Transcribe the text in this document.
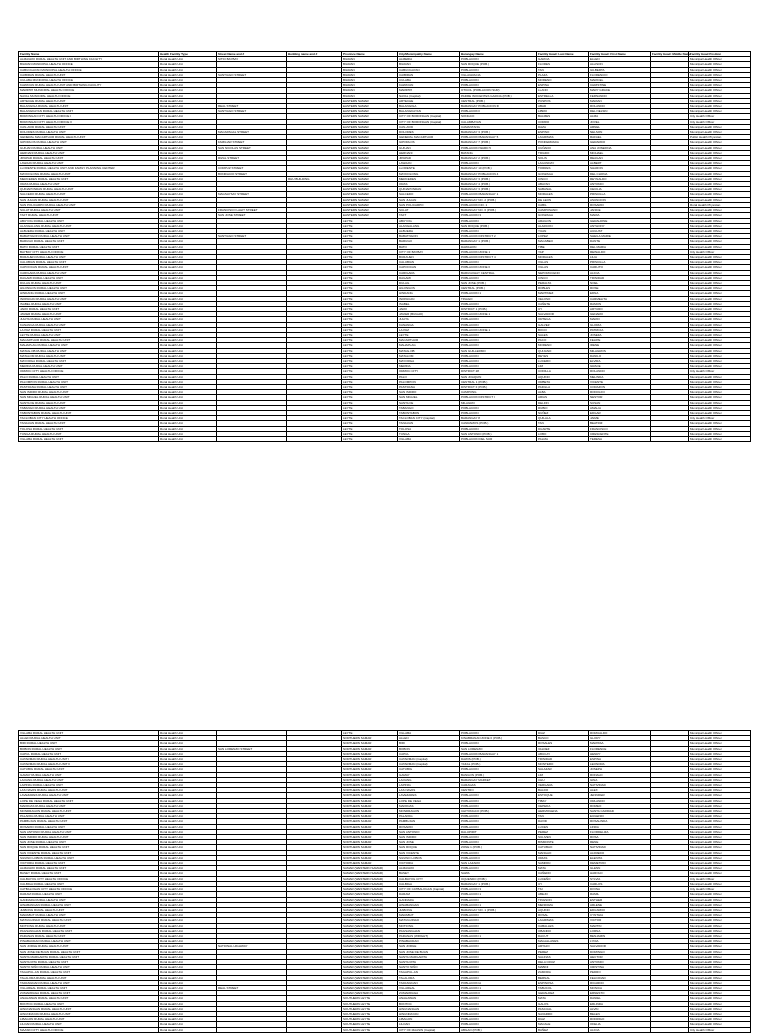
Facility Name	Health Facility Type	Street Name and #	Building name and #	Province Name	City/Municipality Name	Barangay Name	Facility Head: Last Name	Facility Head: First Name	Facility Head: Middle Name	Facility Head Position
ALMAGRO RURAL HEALTH UNIT AND BIRTHING FACILITY	Rural Health Unit	SITIO BAYBAY		BILIRAN	ALMERIA	POBLACION	GARCIA	ELLEN		Municipal Health Officer
BILIRAN MUNICIPAL HEALTH OFFICE	Rural Health Unit			BILIRAN	BILIRAN	SAN ROQUE (POB.)	FLORES	ALLISON		Municipal Health Officer
CABUCGAYAN MUNICIPAL HEALTH OFFICE	Rural Health Unit			BILIRAN	CABUCGAYAN	POBLACION	TAN	GILBERTA		Municipal Health Officer
CAIBIRAN RURAL HEALTH UNIT	Rural Health Unit	SANTIAGO STREET		BILIRAN	CAIBIRAN	VILLAGRACIA	PLAZA	FLORENCIO		Municipal Health Officer
CULABA MUNICIPAL HEALTH OFFICE	Rural Health Unit			BILIRAN	CULABA	POBLACION	MORENO	MARICEL		Municipal Health Officer
KAWAYAN RURAL HEALTH UNIT AND BIRTHING FACILITY	Rural Health Unit			BILIRAN	KAWAYAN	POBLACION	ESPINA	CHRISTINE		Municipal Health Officer
MARIPIPI MUNICIPAL HEALTH OFFICE	Rural Health Unit			BILIRAN	MARIPIPI	OTICOL (POBLACION SUR)	LLANO	MARY GRACE		Municipal Health Officer
NAVAL MUNICIPAL HEALTH OFFICE	Rural Health Unit			BILIRAN	NAVAL (Capital)	PADRE INOCENTES GARCIA (POB.)	ESTRELLA	FERNANDO		Municipal Health Officer
ARTECHE RURAL HEALTH UNIT	Rural Health Unit			EASTERN SAMAR	ARTECHE	CENTRAL (POB.)	PUSPOS	MARIAN		Municipal Health Officer
BALANGIGA RURAL HEALTH UNIT	Rural Health Unit	REAL STREET		EASTERN SAMAR	BALANGIGA	BARANGAY POBLACION III	ABAD	ROLANDO		Municipal Health Officer
BALANGKAYAN RURAL HEALTH UNIT	Rural Health Unit	SANTIAGO STREET		EASTERN SAMAR	BALANGKAYAN	POBLACION I	LIBRO	DEL NELSIN		Municipal Health Officer
BORONGAN CITY HEALTH OFFICE I	Rural Health Unit			EASTERN SAMAR	CITY OF BORONGAN (Capital)	SONGCO	BALMES	ALMA		City Health Officer
BORONGAN CITY HEALTH OFFICE II	Rural Health Unit			EASTERN SAMAR	CITY OF BORONGAN (Capital)	CALAMBAYAN	CORRO	JOVEL		City Health Officer
CAN-AVID RURAL HEALTH UNIT	Rural Health Unit			EASTERN SAMAR	CAN-AVID	CAMANTANG	DAZA	ARNEL		Municipal Health Officer
DOLORES RURAL HEALTH UNIT	Rural Health Unit	MACAPAGAL STREET		EASTERN SAMAR	DOLORES	BARANGAY 3 (POB.)	ESPINO	NELSON		Municipal Health Officer
GENERAL MACARTHUR RURAL HEALTH UNIT	Rural Health Unit			EASTERN SAMAR	GENERAL MACARTHUR	POBLACION BARANGAY 5	LAGRIMAS	RAFAEL		Public Health Physician
GIPORLOS RURAL HEALTH UNIT	Rural Health Unit	FAMILIAR STREET		EASTERN SAMAR	GIPORLOS	BARANGAY 7 (POB.)	PONFERRADA	GERARDO		Municipal Health Officer
GUIUAN RURAL HEALTH UNIT	Rural Health Unit	SAN NICOLAS STREET		EASTERN SAMAR	GUIUAN	POBLACION WARD 5	CUÑADO	ANA JOSEFINA		Municipal Health Officer
HERNANI RURAL HEALTH UNIT	Rural Health Unit			EASTERN SAMAR	HERNANI	BATANG	TIRADO	MICHAEL		Municipal Health Officer
JIPAPAD RURAL HEALTH UNIT	Rural Health Unit	RIZAL STREET		EASTERN SAMAR	JIPAPAD	BARANGAY 2 (POB.)	SOLIS	REAGAN		Municipal Health Officer
LAWAAN RURAL HEALTH UNIT	Rural Health Unit			EASTERN SAMAR	LAWAAN	POBLACION	LAGUNDAY	ALBERT		Municipal Health Officer
LLORENTE RURAL HEALTH UNIT AND FAMILY PLANNING CENTER	Rural Health Unit	CORPUZ STREET		EASTERN SAMAR	LLORENTE	BARANGAY 10 (POB.)	TORRES	SHARON		Municipal Health Officer
MAYDOLONG RURAL HEALTH UNIT	Rural Health Unit	BONIFACIO STREET		EASTERN SAMAR	MAYDOLONG	BARANGAY POBLACION 4	GONZAGA	DEL CHONA		Municipal Health Officer
MERCEDES RURAL HEALTH UNIT	Rural Health Unit		RHU BUILDING	EASTERN SAMAR	MERCEDES	BARANGAY 3 (POB.)	CINCO	REYNALDO		Municipal Health Officer
ORAS RURAL HEALTH UNIT	Rural Health Unit			EASTERN SAMAR	ORAS	BARANGAY 4 (POB.)	ABAYAN	ANTONIO		Municipal Health Officer
QUINAPONDAN RURAL HEALTH UNIT	Rural Health Unit			EASTERN SAMAR	QUINAPONDAN	BARANGAY 3 (POB.)	SABANAL	CECILIA		Municipal Health Officer
SALCEDO RURAL HEALTH UNIT	Rural Health Unit	MAGSAYSAY STREET		EASTERN SAMAR	SALCEDO	POBLACION BARANGAY 1	MORALES	PRISCILLA		Municipal Health Officer
SAN JULIAN RURAL HEALTH UNIT	Rural Health Unit			EASTERN SAMAR	SAN JULIAN	BARANGAY NO. 2 (POB.)	DE LEON	ASUNCION		Municipal Health Officer
SAN POLICARPO RURAL HEALTH UNIT	Rural Health Unit			EASTERN SAMAR	SAN POLICARPO	POBLACION NO. 1	CABIL	ROSARIO		Rural Health Physician
SULAT RURAL HEALTH UNIT	Rural Health Unit	FRANCISCO LAHIT STREET		EASTERN SAMAR	SULAT	BARANGAY NO. 6 (POB.)	CAMPOSANO	JANICE		Municipal Health Officer
TAFT RURAL HEALTH UNIT	Rural Health Unit	SAN JOSE STREET		EASTERN SAMAR	TAFT	POBLACION 3	GONZAGA	MARIA		Municipal Health Officer
ABUYOG RURAL HEALTH UNIT	Rural Health Unit			LEYTE	ABUYOG	POBLACION	ARAGON	GERALDINE		Municipal Health Officer
ALANGALANG RURAL HEALTH UNIT	Rural Health Unit			LEYTE	ALANGALANG	SAN ROQUE (POB.)	ALARCON	ANTHONY		Municipal Health Officer
ALBUERA RURAL HEALTH UNIT	Rural Health Unit			LEYTE	ALBUERA	POBLACION	YUAN	AUGUST		Municipal Health Officer
BABATNGON RURAL HEALTH UNIT	Rural Health Unit	SANTIAGO STREET		LEYTE	BABATNGON	POBLACION DISTRICT 2	LOPEZ	SHEILA MARIE		Municipal Health Officer
BARUGO RURAL HEALTH UNIT	Rural Health Unit			LEYTE	BARUGO	BARANGAY 1 (POB.)	MACABEO	DANTE		Municipal Health Officer
BATO RURAL HEALTH UNIT	Rural Health Unit			LEYTE	BATO	DAWAHON	TIBE	DEL MARIA		Municipal Health Officer
BAYBAY CITY HEALTH OFFICE	Rural Health Unit			LEYTE	CITY OF BAYBAY	POBLACION ZONE 1	YAP	REINALDO		City Health Officer
BURAUEN RURAL HEALTH UNIT	Rural Health Unit			LEYTE	BURAUEN	POBLACION DISTRICT 4	MORALES	LILIA		Municipal Health Officer
CALUBIAN RURAL HEALTH UNIT	Rural Health Unit			LEYTE	CALUBIAN	POBLACION	VILLAS	PRISCILLA		Municipal Health Officer
CAPOOCAN RURAL HEALTH UNIT	Rural Health Unit			LEYTE	CAPOOCAN	POBLACION ZONE II	VILLAS	CARLITO		Municipal Health Officer
CARIGARA RURAL HEALTH UNIT	Rural Health Unit			LEYTE	CARIGARA	BARUGOHAY CENTRAL	NEPOMUCENO	ALICIA		Municipal Health Officer
DAGAMI RURAL HEALTH UNIT	Rural Health Unit			LEYTE	DAGAMI	POBLACION	CINCO	TRINIDAD		Municipal Health Officer
DULAG RURAL HEALTH UNIT	Rural Health Unit			LEYTE	DULAG	SAN JOSE (POB.)	PERALTA	NOEL		Municipal Health Officer
HILONGOS RURAL HEALTH UNIT	Rural Health Unit			LEYTE	HILONGOS	CENTRAL (POB.)	ROBLES	ROSE		Municipal Health Officer
HINDANG RURAL HEALTH UNIT	Rural Health Unit			LEYTE	HINDANG	POBLACION 1	MARTINEZ	EDNA		Municipal Health Officer
INOPACAN RURAL HEALTH UNIT	Rural Health Unit			LEYTE	INOPACAN	TINAGO	VELOSO	CARMELITA		Municipal Health Officer
ISABEL RURAL HEALTH UNIT	Rural Health Unit			LEYTE	ISABEL	POBLACION	CAÑETE	RAMON		Municipal Health Officer
JARO RURAL HEALTH UNIT	Rural Health Unit			LEYTE	JARO	DISTRICT 1 (POB.)	UY	ARTURO		Municipal Health Officer
JAVIER RURAL HEALTH UNIT	Rural Health Unit			LEYTE	JAVIER (BUGHO)	POBLACION ZONE 1	SALVADOR	GENARO		Municipal Health Officer
JULITA RURAL HEALTH UNIT	Rural Health Unit			LEYTE	JULITA	POBLACION	ORTEGA	MARIO		Municipal Health Officer
KANANGA RURAL HEALTH UNIT	Rural Health Unit			LEYTE	KANANGA	POBLACION	GALVEZ	GLORIA		Municipal Health Officer
LA PAZ RURAL HEALTH UNIT	Rural Health Unit			LEYTE	LA PAZ	POBLACION ZONE 1	BOCO	PATRICIA		Municipal Health Officer
LEYTE RURAL HEALTH UNIT	Rural Health Unit			LEYTE	LEYTE	POBLACION	SALES	JOSEFA		Municipal Health Officer
MACARTHUR RURAL HEALTH UNIT	Rural Health Unit			LEYTE	MACARTHUR	POBLACION	PACO	FELIPE		Municipal Health Officer
MAHAPLAG RURAL HEALTH UNIT	Rural Health Unit			LEYTE	MAHAPLAG	POBLACION	MORENO	IRENE		Municipal Health Officer
MATAG-OB RURAL HEALTH UNIT	Rural Health Unit			LEYTE	MATAG-OB	SAN GUILLERMO	QUIJANO	MILAGROS		Municipal Health Officer
MATALOM RURAL HEALTH UNIT	Rural Health Unit			LEYTE	MATALOM	POBLACION	REYES	DANILO		Municipal Health Officer
MAYORGA RURAL HEALTH UNIT	Rural Health Unit			LEYTE	MAYORGA	POBLACION	LUCERO	ELVIRA		Municipal Health Officer
MERIDA RURAL HEALTH UNIT	Rural Health Unit			LEYTE	MERIDA	POBLACION	LIM	GRACE		Municipal Health Officer
ORMOC CITY HEALTH OFFICE	Rural Health Unit			LEYTE	ORMOC CITY	DISTRICT 28	CODILLA	ROLANDO		City Health Officer
PALO RURAL HEALTH UNIT	Rural Health Unit			LEYTE	PALO	SAN JOAQUIN	AQUINO	MELINDA		Municipal Health Officer
PALOMPON RURAL HEALTH UNIT	Rural Health Unit			LEYTE	PALOMPON	CENTRAL 1 (POB.)	ORBETA	VICENTE		Municipal Health Officer
PASTRANA RURAL HEALTH UNIT	Rural Health Unit			LEYTE	PASTRANA	DISTRICT II (POB.)	PADILLA	CORAZON		Municipal Health Officer
SAN ISIDRO RURAL HEALTH UNIT	Rural Health Unit			LEYTE	SAN ISIDRO	CAMPONG	ALBA	RODOLFO		Municipal Health Officer
SAN MIGUEL RURAL HEALTH UNIT	Rural Health Unit			LEYTE	SAN MIGUEL	POBLACION DISTRICT I	ARIAS	NESTOR		Municipal Health Officer
SANTA FE RURAL HEALTH UNIT	Rural Health Unit			LEYTE	SANTA FE	MILAGRO	DELFIN	SUSAN		Municipal Health Officer
TABANGO RURAL HEALTH UNIT	Rural Health Unit			LEYTE	TABANGO	POBLACION	RUBIO	AMALIA		Municipal Health Officer
TABONTABON RURAL HEALTH UNIT	Rural Health Unit			LEYTE	TABONTABON	POBLACION	NUÑEZ	EDGAR		Municipal Health Officer
TACLOBAN CITY HEALTH OFFICE	Rural Health Unit			LEYTE	TACLOBAN CITY (Capital)	BARANGAY 8	QUILALA	JAIME		City Health Officer
TANAUAN RURAL HEALTH UNIT	Rural Health Unit			LEYTE	TANAUAN	CANRAMOS (POB.)	TAN	BEATRIZ		Municipal Health Officer
TOLOSA RURAL HEALTH UNIT	Rural Health Unit			LEYTE	TOLOSA	POBLACION	DUARTE	FRANCISCO		Municipal Health Officer
TUNGA RURAL HEALTH UNIT	Rural Health Unit			LEYTE	TUNGA	SAN ANTONIO (POB.)	LOBO	CRESCENTE		Municipal Health Officer
VILLABA RURAL HEALTH UNIT	Rural Health Unit			LEYTE	VILLABA	POBLACION DEL SUR	PALMA	TERESA		Municipal Health Officer
VILLABA RURAL HEALTH UNIT	Rural Health Unit			LEYTE	VILLABA	POBLACION	DIAZ	ROMUALDO		Municipal Health Officer
ALLEN RURAL HEALTH UNIT	Rural Health Unit			NORTHERN SAMAR	ALLEN	KINABRANAN ZONE II (POB.)	BASCO	GLORY		Municipal Health Officer
BIRI RURAL HEALTH UNIT	Rural Health Unit			NORTHERN SAMAR	BIRI	POBLACION	ROSALES	MARISSA		Municipal Health Officer
BOBON RURAL HEALTH UNIT	Rural Health Unit	SAN LORENZO STREET		NORTHERN SAMAR	BOBON	SAN LORENZO	VALDEZ	FLORENCE		Municipal Health Officer
CAPUL RURAL HEALTH UNIT	Rural Health Unit			NORTHERN SAMAR	CAPUL	POBLACION BARANGAY 1	ABUCAY	HENRY		Municipal Health Officer
CATARMAN RURAL HEALTH UNIT I	Rural Health Unit			NORTHERN SAMAR	CATARMAN (Capital)	DAWIS (POB.)	TRINIDAD	ESPINA		Municipal Health Officer
CATARMAN RURAL HEALTH UNIT II	Rural Health Unit			NORTHERN SAMAR	CATARMAN (Capital)	YAKAL (POB.)	MONTERO	LEONORA		Municipal Health Officer
CATUBIG RURAL HEALTH UNIT	Rural Health Unit			NORTHERN SAMAR	CATUBIG	POBLACION	SALAZAR	JOSEPH		Municipal Health Officer
GAMAY RURAL HEALTH UNIT	Rural Health Unit			NORTHERN SAMAR	GAMAY	BANGON (POB.)	LIM	RONALD		Municipal Health Officer
LAOANG RURAL HEALTH UNIT	Rural Health Unit			NORTHERN SAMAR	LAOANG	BARANGAY MARKET	CHU	GINA		Municipal Health Officer
LAPINIG RURAL HEALTH UNIT	Rural Health Unit			NORTHERN SAMAR	LAPINIG	CARAGAS	VERGARA	NATIVIDAD		Municipal Health Officer
LAS NAVAS RURAL HEALTH UNIT	Rural Health Unit			NORTHERN SAMAR	LAS NAVAS	CENTRO	BALDO	ALEX		Municipal Health Officer
LAVEZARES RURAL HEALTH UNIT	Rural Health Unit			NORTHERN SAMAR	LAVEZARES	POBLACION	ESTOQUE	JENNIFER		Municipal Health Officer
LOPE DE VEGA RURAL HEALTH UNIT	Rural Health Unit			NORTHERN SAMAR	LOPE DE VEGA	POBLACION	TIBAY	ORLANDO		Municipal Health Officer
MAPANAS RURAL HEALTH UNIT	Rural Health Unit			NORTHERN SAMAR	MAPANAS	POBLACION	CEPEDA	ROMEO		Municipal Health Officer
MONDRAGON RURAL HEALTH UNIT	Rural Health Unit			NORTHERN SAMAR	MONDRAGON	CHITONGCO (POB.)	HERMOGENA	SANTA CARIDAD		Municipal Health Officer
PALAPAG RURAL HEALTH UNIT	Rural Health Unit			NORTHERN SAMAR	PALAPAG	POBLACION	TAN	EUGENIO		Municipal Health Officer
PAMBUJAN RURAL HEALTH UNIT	Rural Health Unit			NORTHERN SAMAR	PAMBUJAN	POBLACION	DAVID	ROSALINDA		Municipal Health Officer
ROSARIO RURAL HEALTH UNIT	Rural Health Unit			NORTHERN SAMAR	ROSARIO	POBLACION	LUCES	LINDA		Municipal Health Officer
SAN ANTONIO RURAL HEALTH UNIT	Rural Health Unit			NORTHERN SAMAR	SAN ANTONIO	DALUPIRIT	PEREZ	FLORDELIZA		Municipal Health Officer
SAN ISIDRO RURAL HEALTH UNIT	Rural Health Unit			NORTHERN SAMAR	SAN ISIDRO	POBLACION	SULIVEN	ROSA		Municipal Health Officer
SAN JOSE RURAL HEALTH UNIT	Rural Health Unit			NORTHERN SAMAR	SAN JOSE	POBLACION	BISMONTE	RENE		Municipal Health Officer
SAN ROQUE RURAL HEALTH UNIT	Rural Health Unit			NORTHERN SAMAR	SAN ROQUE	ZONE 1 (POB.)	CATUBAO	NATIVIDAD		Municipal Health Officer
SAN VICENTE RURAL HEALTH UNIT	Rural Health Unit			NORTHERN SAMAR	SAN VICENTE	POBLACION	MANGAO	ALFREDO		Municipal Health Officer
SILVINO LOBOS RURAL HEALTH UNIT	Rural Health Unit			NORTHERN SAMAR	SILVINO LOBOS	POBLACION I	ORIAS	ELENITA		Municipal Health Officer
VICTORIA RURAL HEALTH UNIT	Rural Health Unit			NORTHERN SAMAR	VICTORIA	SAN LAZARO	SAMPAN	DEMETRIO		Municipal Health Officer
ALMAGRO RURAL HEALTH UNIT	Rural Health Unit			SAMAR (WESTERN SAMAR)	ALMAGRO	POBLACION	MATA	GLENN		Municipal Health Officer
BASEY RURAL HEALTH UNIT	Rural Health Unit			SAMAR (WESTERN SAMAR)	BASEY	SAWA	CAÑEDO	HAROLD		Municipal Health Officer
CALBAYOG CITY HEALTH OFFICE	Rural Health Unit			SAMAR (WESTERN SAMAR)	CALBAYOG CITY	OQUENDO (POB.)	LUCEÑO	SYLVIA		City Health Officer
CALBIGA RURAL HEALTH UNIT	Rural Health Unit			SAMAR (WESTERN SAMAR)	CALBIGA	BARANGAY 1 (POB.)	UY	CARLOS		Municipal Health Officer
CATBALOGAN CITY HEALTH OFFICE	Rural Health Unit			SAMAR (WESTERN SAMAR)	CITY OF CATBALOGAN (Capital)	POBLACION 3	TIU	DIVINA		City Health Officer
DARAM RURAL HEALTH UNIT	Rural Health Unit			SAMAR (WESTERN SAMAR)	DARAM	POBLACION 1	ABEJO	RAMIL		Municipal Health Officer
GANDARA RURAL HEALTH UNIT	Rural Health Unit			SAMAR (WESTERN SAMAR)	GANDARA	POBLACION	TINGSON	ESTHER		Municipal Health Officer
HINABANGAN RURAL HEALTH UNIT	Rural Health Unit			SAMAR (WESTERN SAMAR)	HINABANGAN	POBLACION 1	MENDOZA	ARLENE		Municipal Health Officer
JIABONG RURAL HEALTH UNIT	Rural Health Unit			SAMAR (WESTERN SAMAR)	JIABONG	BARANGAY NO. 1 (POB.)	AQUINO	EDUARDO		Municipal Health Officer
MARABUT RURAL HEALTH UNIT	Rural Health Unit			SAMAR (WESTERN SAMAR)	MARABUT	POBLACION	ROSAL	CYNTHIA		Municipal Health Officer
MATUGUINAO RURAL HEALTH UNIT	Rural Health Unit			SAMAR (WESTERN SAMAR)	MATUGUINAO	POBLACION	LAGRIMAS	VICTOR		Municipal Health Officer
MOTIONG RURAL HEALTH UNIT	Rural Health Unit			SAMAR (WESTERN SAMAR)	MOTIONG	POBLACION	CABALLES	MARTIN		Municipal Health Officer
PAGSANGHAN RURAL HEALTH UNIT	Rural Health Unit			SAMAR (WESTERN SAMAR)	PAGSANGHAN	POBLACION	OBANDO	LORNA		Municipal Health Officer
PARANAS RURAL HEALTH UNIT	Rural Health Unit			SAMAR (WESTERN SAMAR)	PARANAS (WRIGHT)	POBLACION 1	DACUT	BENJAMIN		Municipal Health Officer
PINABACDAO RURAL HEALTH UNIT	Rural Health Unit			SAMAR (WESTERN SAMAR)	PINABACDAO	POBLACION	MAGALLANES	LYDIA		Municipal Health Officer
SAN JORGE RURAL HEALTH UNIT	Rural Health Unit	NATIONAL HIGHWAY		SAMAR (WESTERN SAMAR)	SAN JORGE	POBLACION	ARTAJO	SALVADOR		Municipal Health Officer
SAN JOSE DE BUAN RURAL HEALTH UNIT	Rural Health Unit			SAMAR (WESTERN SAMAR)	SAN JOSE DE BUAN	POBLACION	PEREZ	DOMINGO		Municipal Health Officer
SANTA MARGARITA RURAL HEALTH UNIT	Rural Health Unit			SAMAR (WESTERN SAMAR)	SANTA MARGARITA	POBLACION	SALINAS	HECTOR		Municipal Health Officer
SANTA RITA RURAL HEALTH UNIT	Rural Health Unit			SAMAR (WESTERN SAMAR)	SANTA RITA	POBLACION	DELA CRUZ	ANTONIO		Municipal Health Officer
SANTO NIÑO RURAL HEALTH UNIT	Rural Health Unit			SAMAR (WESTERN SAMAR)	SANTO NIÑO	POBLACION	MABINI	CRISTINA		Municipal Health Officer
TAGAPUL-AN RURAL HEALTH UNIT	Rural Health Unit			SAMAR (WESTERN SAMAR)	TAGAPUL-AN	POBLACION	ZAMORA	PEDRO		Municipal Health Officer
TALALORA RURAL HEALTH UNIT	Rural Health Unit			SAMAR (WESTERN SAMAR)	TALALORA	POBLACION	BERNAL	FELICIDAD		Municipal Health Officer
TARANGNAN RURAL HEALTH UNIT	Rural Health Unit			SAMAR (WESTERN SAMAR)	TARANGNAN	POBLACION A	ESPINOSA	RICARDO		Municipal Health Officer
VILLAREAL RURAL HEALTH UNIT	Rural Health Unit	REAL STREET		SAMAR (WESTERN SAMAR)	VILLAREAL	POBLACION 1	TABUCOL	MONICA		Municipal Health Officer
ZUMARRAGA RURAL HEALTH UNIT	Rural Health Unit			SAMAR (WESTERN SAMAR)	ZUMARRAGA	POBLACION I	GERALDEZ	ERNESTO		Municipal Health Officer
ANAHAWAN RURAL HEALTH UNIT	Rural Health Unit			SOUTHERN LEYTE	ANAHAWAN	POBLACION	MATA	DANIEL		Municipal Health Officer
BONTOC RURAL HEALTH UNIT	Rural Health Unit			SOUTHERN LEYTE	BONTOC	POBLACION	GALOS	ERLINDA		Municipal Health Officer
HINUNANGAN RURAL HEALTH UNIT	Rural Health Unit			SOUTHERN LEYTE	HINUNANGAN	POBLACION	PASCUAL	ALVIN		Municipal Health Officer
HINUNDAYAN RURAL HEALTH UNIT	Rural Health Unit			SOUTHERN LEYTE	HINUNDAYAN	POBLACION	NAVARRO	BELEN		Municipal Health Officer
LIBAGON RURAL HEALTH UNIT	Rural Health Unit			SOUTHERN LEYTE	LIBAGON	POBLACION	DIAZ	RODRIGO		Municipal Health Officer
LILOAN RURAL HEALTH UNIT	Rural Health Unit			SOUTHERN LEYTE	LILOAN	POBLACION	MACALE	OFELIA		Municipal Health Officer
MAASIN CITY HEALTH OFFICE	Rural Health Unit			SOUTHERN LEYTE	CITY OF MAASIN (Capital)	ABGAO (POB.)	BAÑEZ	ALICIA		City Health Officer
